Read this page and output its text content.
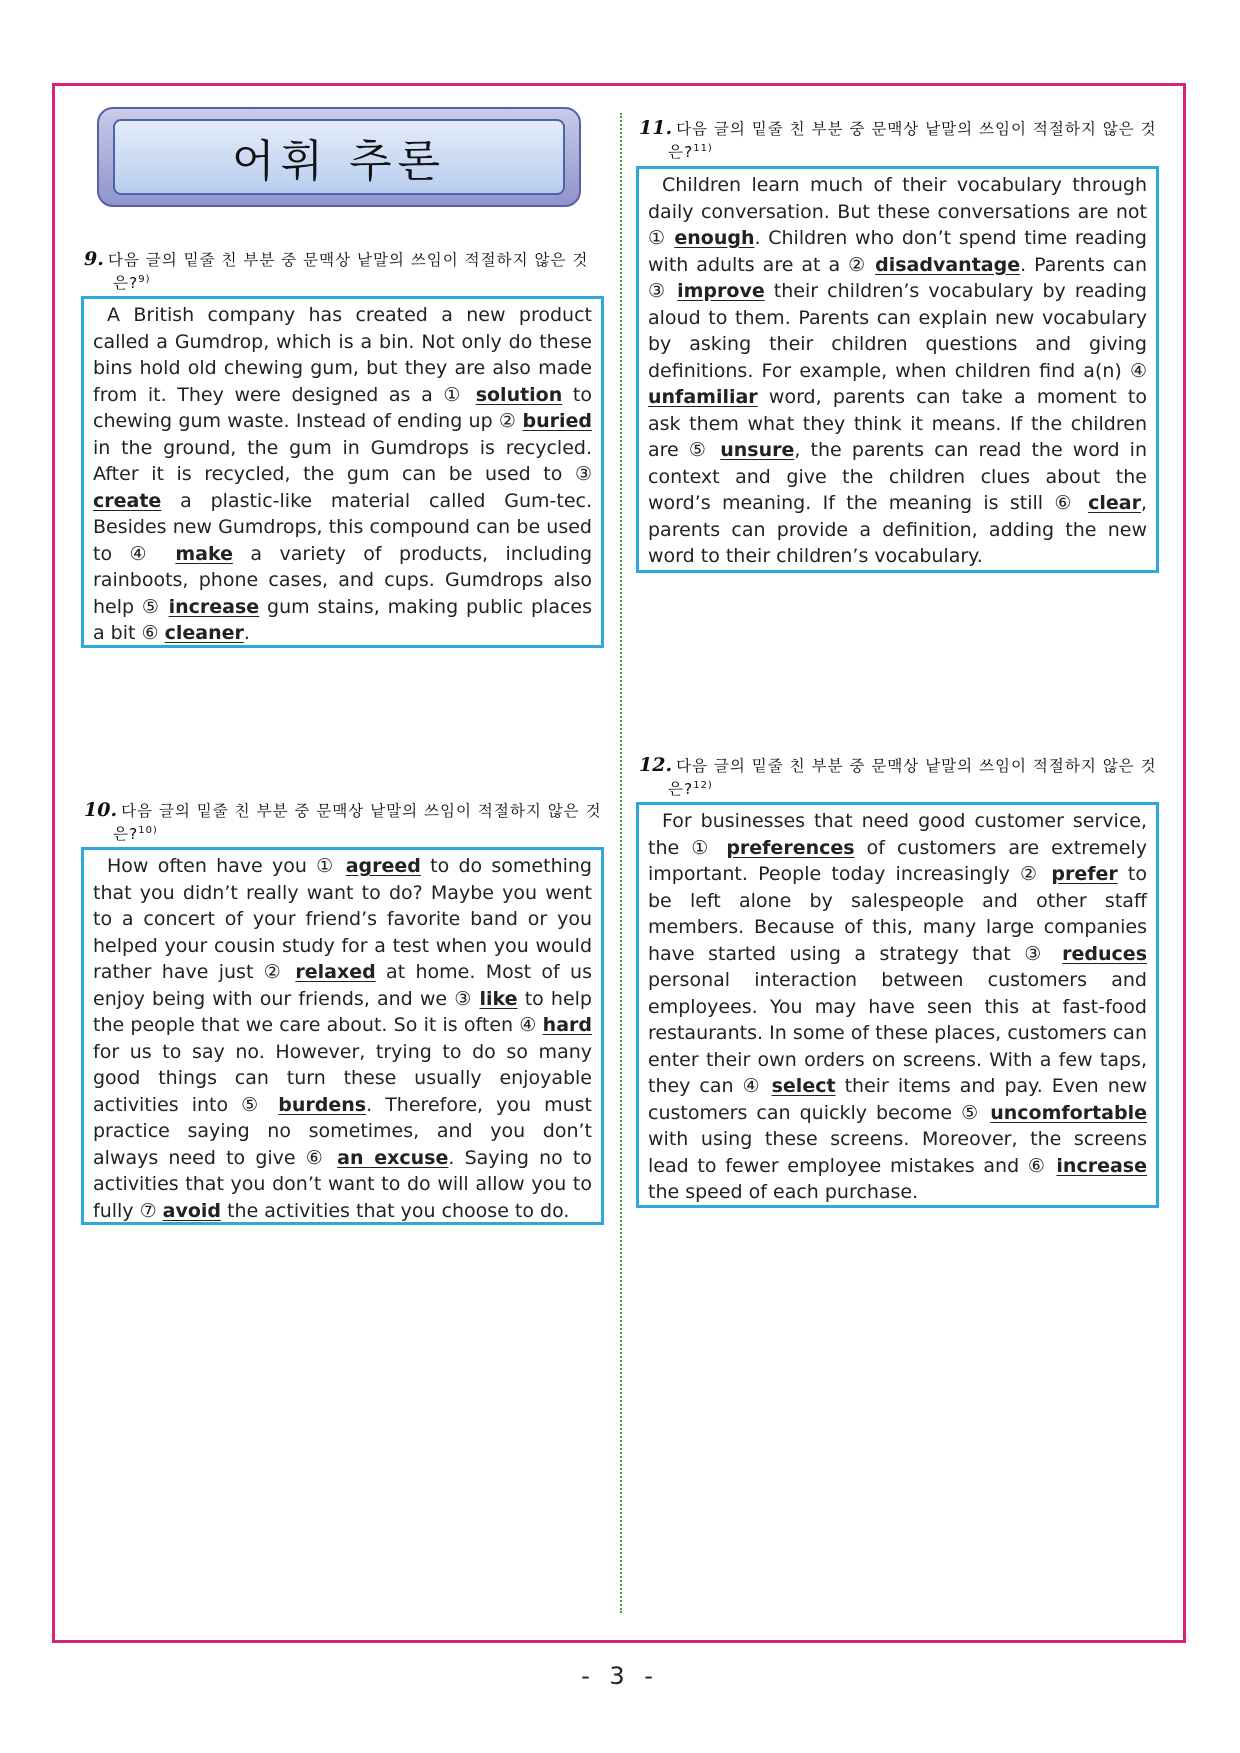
어휘 추론
9. 다음 글의 밑줄 친 부분 중 문맥상 낱말의 쓰임이 적절하지 않은 것
은?$^{9)}$

A British company has created a new product called a Gumdrop, which is a bin. Not only do these bins hold old chewing gum, but they are also made from it. They were designed as a ① solution to chewing gum waste. Instead of ending up ② buried in the ground, the gum in Gumdrops is recycled. After it is recycled, the gum can be used to ③ create a plastic-like material called Gum-tec. Besides new Gumdrops, this compound can be used to ④ make a variety of products, including rainboots, phone cases, and cups. Gumdrops also help ⑤ increase gum stains, making public places a bit ⑥ cleaner.

10. 다음 글의 밑줄 친 부분 중 문맥상 낱말의 쓰임이 적절하지 않은 것
은?$^{10)}$

How often have you ① agreed to do something that you didn’t really want to do? Maybe you went to a concert of your friend’s favorite band or you helped your cousin study for a test when you would rather have just ② relaxed at home. Most of us enjoy being with our friends, and we ③ like to help the people that we care about. So it is often ④ hard for us to say no. However, trying to do so many good things can turn these usually enjoyable activities into ⑤ burdens. Therefore, you must practice saying no sometimes, and you don’t always need to give ⑥ an excuse. Saying no to activities that you don’t want to do will allow you to fully ⑦ avoid the activities that you choose to do.

11. 다음 글의 밑줄 친 부분 중 문맥상 낱말의 쓰임이 적절하지 않은 것
은?$^{11)}$

Children learn much of their vocabulary through daily conversation. But these conversations are not ① enough. Children who don’t spend time reading with adults are at a ② disadvantage. Parents can ③ improve their children’s vocabulary by reading aloud to them. Parents can explain new vocabulary by asking their children questions and giving definitions. For example, when children find a(n) ④ unfamiliar word, parents can take a moment to ask them what they think it means. If the children are ⑤ unsure, the parents can read the word in context and give the children clues about the word’s meaning. If the meaning is still ⑥ clear, parents can provide a definition, adding the new word to their children’s vocabulary.

12. 다음 글의 밑줄 친 부분 중 문맥상 낱말의 쓰임이 적절하지 않은 것
은?$^{12)}$

For businesses that need good customer service, the ① preferences of customers are extremely important. People today increasingly ② prefer to be left alone by salespeople and other staff members. Because of this, many large companies have started using a strategy that ③ reduces personal interaction between customers and employees. You may have seen this at fast-food restaurants. In some of these places, customers can enter their own orders on screens. With a few taps, they can ④ select their items and pay. Even new customers can quickly become ⑤ uncomfortable with using these screens. Moreover, the screens lead to fewer employee mistakes and ⑥ increase the speed of each purchase.

- 3 -
